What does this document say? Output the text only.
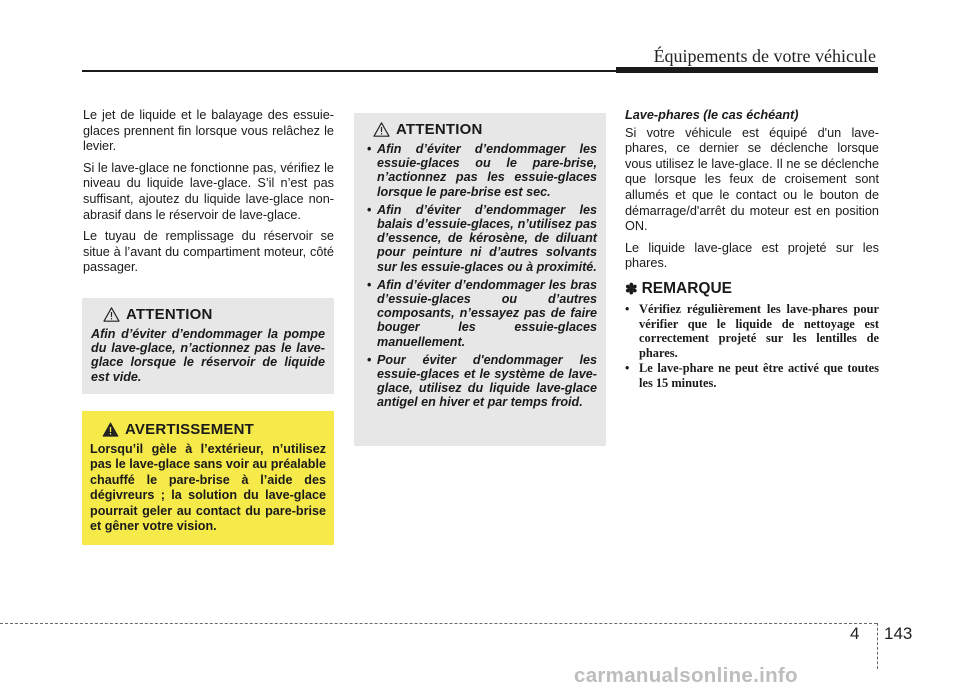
Équipements de votre véhicule

Le jet de liquide et le balayage des essuie-glaces prennent fin lorsque vous relâchez le levier.

Si le lave-glace ne fonctionne pas, vérifiez le niveau du liquide lave-glace. S’il n’est pas suffisant, ajoutez du liquide lave-glace non-abrasif dans le réservoir de lave-glace.

Le tuyau de remplissage du réservoir se situe à l’avant du compartiment moteur, côté passager.

ATTENTION

Afin d’éviter d’endommager la pompe du lave-glace, n’actionnez pas le lave-glace lorsque le réservoir de liquide est vide.

AVERTISSEMENT

Lorsqu’il gèle à l’extérieur, n’utilisez pas le lave-glace sans voir au préalable chauffé le pare-brise à l’aide des dégivreurs ; la solution du lave-glace pourrait geler au contact du pare-brise et gêner votre vision.

ATTENTION
• Afin d’éviter d’endommager les essuie-glaces ou le pare-brise, n’actionnez pas les essuie-glaces lorsque le pare-brise est sec.
• Afin d’éviter d’endommager les balais d’essuie-glaces, n’utilisez pas d’essence, de kérosène, de diluant pour peinture ni d’autres solvants sur les essuie-glaces ou à proximité.
• Afin d’éviter d’endommager les bras d’essuie-glaces ou d’autres composants, n’essayez pas de faire bouger les essuie-glaces manuellement.
• Pour éviter d'endommager les essuie-glaces et le système de lave-glace, utilisez du liquide lave-glace antigel en hiver et par temps froid.

Lave-phares (le cas échéant)

Si votre véhicule est équipé d'un lave-phares, ce dernier se déclenche lorsque vous utilisez le lave-glace. Il ne se déclenche que lorsque les feux de croisement sont allumés et que le contact ou le bouton de démarrage/d'arrêt du moteur est en position ON.

Le liquide lave-glace est projeté sur les phares.

✽ REMARQUE
• Vérifiez régulièrement les lave-phares pour vérifier que le liquide de nettoyage est correctement projeté sur les lentilles de phares.
• Le lave-phare ne peut être activé que toutes les 15 minutes.
4 143
carmanualsonline.info
